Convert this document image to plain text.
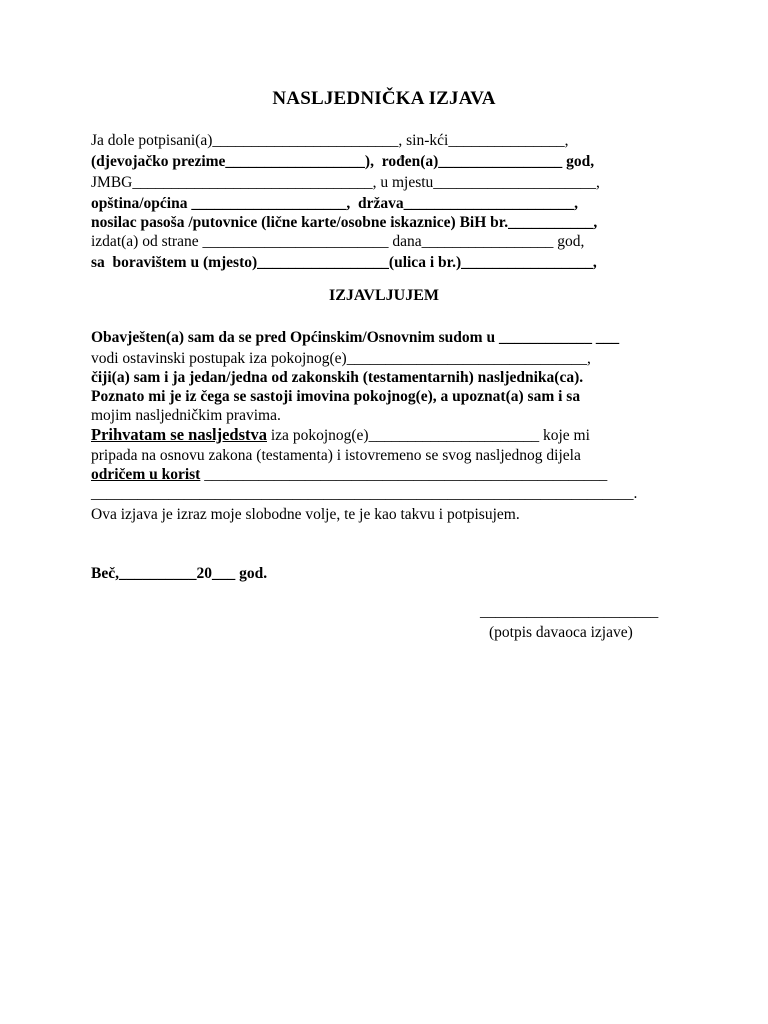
NASLJEDNIČKA IZJAVA
Ja dole potpisani(a)________________________, sin-kći_______________,
(djevojačko prezime__________________),  rođen(a)________________ god,
JMBG_______________________________, u mjestu_____________________,
opština/općina ____________________,  država______________________,
nosilac pasoša /putovnice (lične karte/osobne iskaznice) BiH br.___________,
izdat(a) od strane ________________________ dana_________________ god,
sa  boravištem u (mjesto)_________________(ulica i br.)_________________,
IZJAVLJUJEM
Obavješten(a) sam da se pred Općinskim/Osnovnim sudom u ____________ ___
vodi ostavinski postupak iza pokojnog(e)_______________________________,
čiji(a) sam i ja jedan/jedna od zakonskih (testamentarnih) nasljednika(ca).
Poznato mi je iz čega se sastoji imovina pokojnog(e), a upoznat(a) sam i sa
mojim nasljedničkim pravima.
Prihvatam se nasljedstva iza pokojnog(e)______________________ koje mi
pripada na osnovu zakona (testamenta) i istovremeno se svog nasljednog dijela
odričem u korist ____________________________________________________
______________________________________________________________________.
Ova izjava je izraz moje slobodne volje, te je kao takvu i potpisujem.
Beč,__________20___ god.
_______________________
(potpis davaoca izjave)
